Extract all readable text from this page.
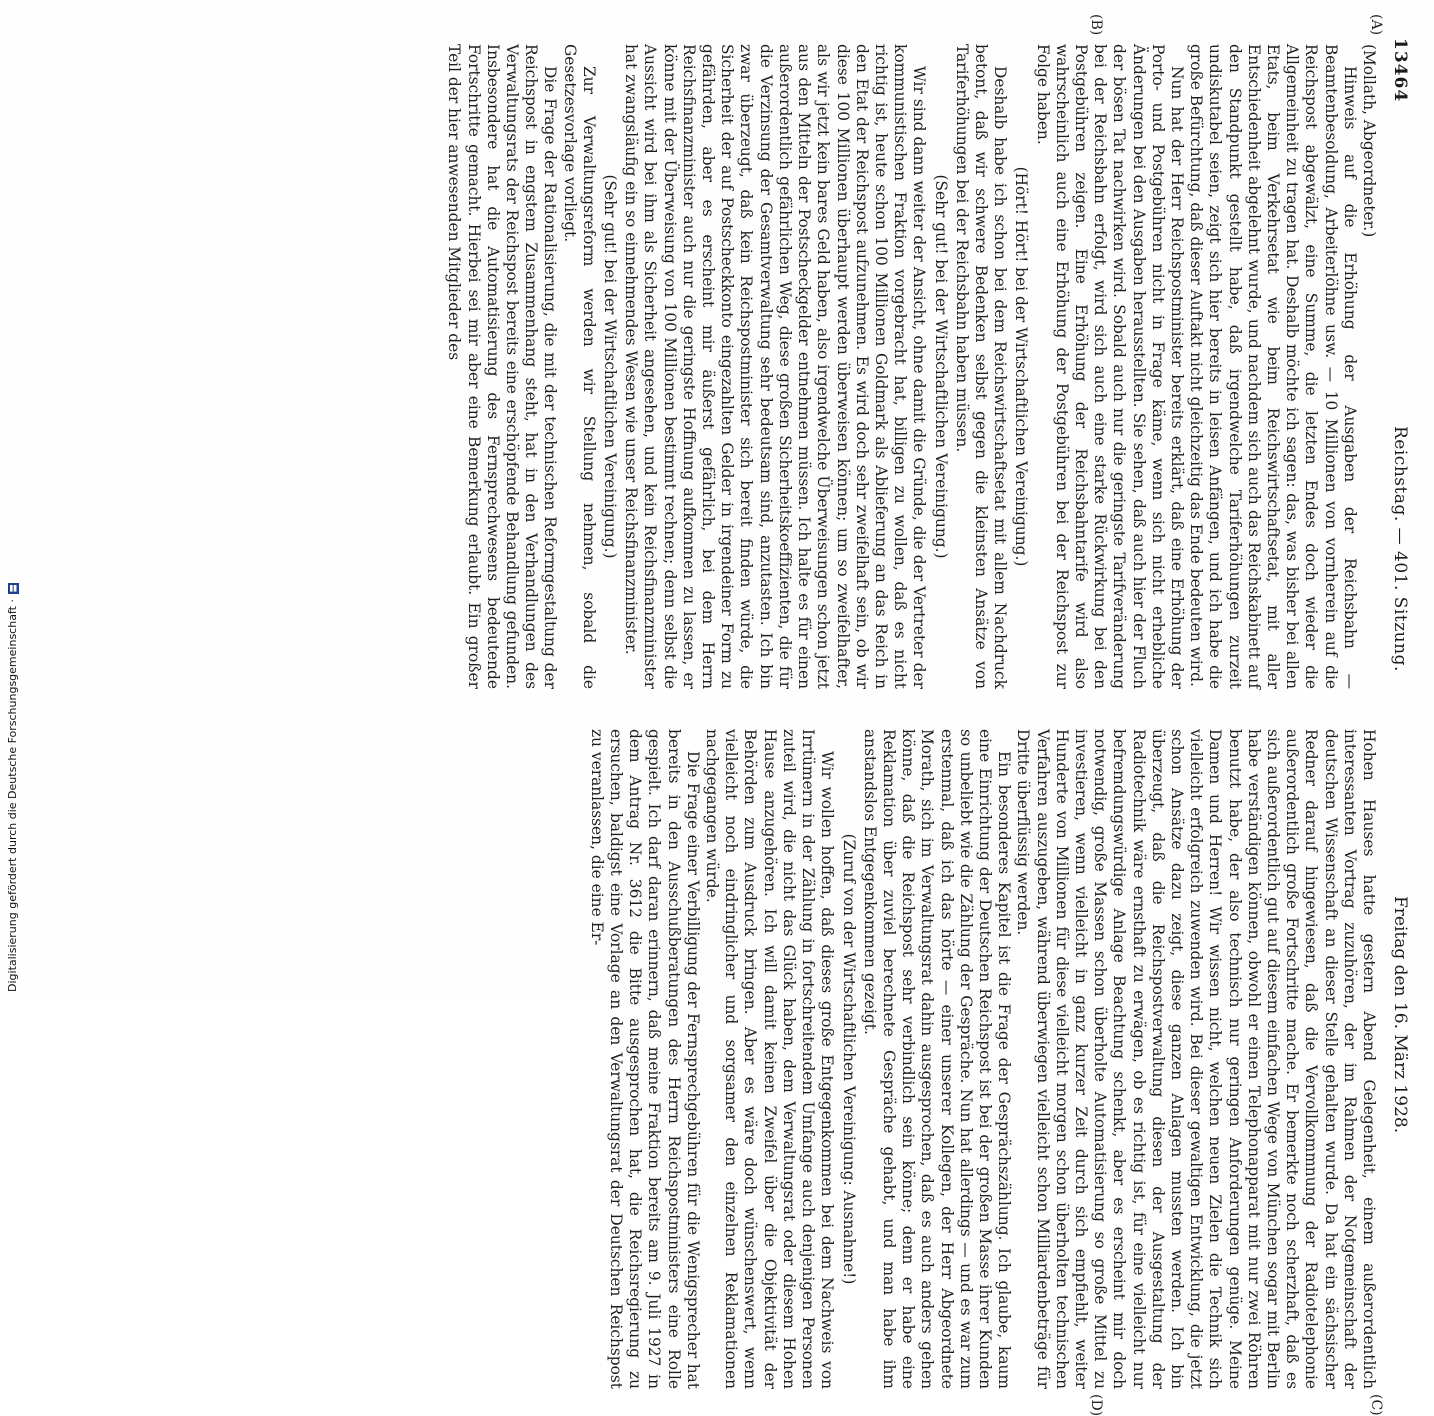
13464
Reichstag. — 401. Sitzung.
Freitag den 16. März 1928.
(A)
(B)
(C)
(D)

(Mollath, Abgeordneter.)

Hinweis auf die Erhöhung der Ausgaben der Reichsbahn — Beamtenbesoldung, Arbeiterlöhne usw. — 10 Millionen von vornherein auf die Reichspost abgewälzt, eine Summe, die letzten Endes doch wieder die Allgemeinheit zu tragen hat. Deshalb möchte ich sagen: das, was bisher bei allen Etats, beim Verkehrsetat wie beim Reichswirtschaftsetat, mit aller Entschiedenheit abgelehnt wurde, und nachdem sich auch das Reichskabinett auf den Standpunkt gestellt habe, daß irgendwelche Tariferhöhungen zurzeit undiskutabel seien, zeigt sich hier bereits in leisen Anfängen, und ich habe die große Befürchtung, daß dieser Auftakt nicht gleichzeitig das Ende bedeuten wird.

Nun hat der Herr Reichspostminister bereits erklärt, daß eine Erhöhung der Porto- und Postgebühren nicht in Frage käme, wenn sich nicht erhebliche Änderungen bei den Ausgaben herausstellten. Sie sehen, daß auch hier der Fluch der bösen Tat nachwirken wird. Sobald auch nur die geringste Tarifveränderung bei der Reichsbahn erfolgt, wird sich auch eine starke Rückwirkung bei den Postgebühren zeigen. Eine Erhöhung der Reichsbahntarife wird also wahrscheinlich auch eine Erhöhung der Postgebühren bei der Reichspost zur Folge haben.

(Hört! Hört! bei der Wirtschaftlichen Vereinigung.)

Deshalb habe ich schon bei dem Reichswirtschaftsetat mit allem Nachdruck betont, daß wir schwere Bedenken selbst gegen die kleinsten Ansätze von Tariferhöhungen bei der Reichsbahn haben müssen.

(Sehr gut! bei der Wirtschaftlichen Vereinigung.)

Wir sind dann weiter der Ansicht, ohne damit die Gründe, die der Vertreter der kommunistischen Fraktion vorgebracht hat, billigen zu wollen, daß es nicht richtig ist, heute schon 100 Millionen Goldmark als Ablieferung an das Reich in den Etat der Reichspost aufzunehmen. Es wird doch sehr zweifelhaft sein, ob wir diese 100 Millionen überhaupt werden überweisen können; um so zweifelhafter, als wir jetzt kein bares Geld haben, also irgendwelche Überweisungen schon jetzt aus den Mitteln der Postscheckgelder entnehmen müssen. Ich halte es für einen außerordentlich gefährlichen Weg, diese großen Sicherheitskoeffizienten, die für die Verzinsung der Gesamtverwaltung sehr bedeutsam sind, anzutasten. Ich bin zwar überzeugt, daß kein Reichspostminister sich bereit finden würde, die Sicherheit der auf Postscheckkonto eingezahlten Gelder in irgendeiner Form zu gefährden, aber es erscheint mir äußerst gefährlich, bei dem Herrn Reichsfinanzminister auch nur die geringste Hoffnung aufkommen zu lassen, er könne mit der Überweisung von 100 Millionen bestimmt rechnen; denn selbst die Aussicht wird bei ihm als Sicherheit angesehen, und kein Reichsfinanzminister hat zwangsläufig ein so einnehmendes Wesen wie unser Reichsfinanzminister.

(Sehr gut! bei der Wirtschaftlichen Vereinigung.)

Zur Verwaltungsreform werden wir Stellung nehmen, sobald die Gesetzesvorlage vorliegt.

Die Frage der Rationalisierung, die mit der technischen Reformgestaltung der Reichspost in engstem Zusammenhang steht, hat in den Verhandlungen des Verwaltungsrats der Reichspost bereits eine erschöpfende Behandlung gefunden. Insbesondere hat die Automatisierung des Fernsprechwesens bedeutende Fortschritte gemacht. Hierbei sei mir aber eine Bemerkung erlaubt. Ein großer Teil der hier anwesenden Mitglieder des

Hohen Hauses hatte gestern Abend Gelegenheit, einem außerordentlich interessanten Vortrag zuzuhören, der im Rahmen der Notgemeinschaft der deutschen Wissenschaft an dieser Stelle gehalten wurde. Da hat ein sächsischer Redner darauf hingewiesen, daß die Vervollkommnung der Radiotelephonie außerordentlich große Fortschritte mache. Er bemerkte noch scherzhaft, daß es sich außerordentlich gut auf diesem einfachen Wege von München sogar mit Berlin habe verständigen können, obwohl er einen Telephonapparat mit nur zwei Röhren benutzt habe, der also technisch nur geringen Anforderungen genüge. Meine Damen und Herren! Wir wissen nicht, welchen neuen Zielen die Technik sich vielleicht erfolgreich zuwenden wird. Bei dieser gewaltigen Entwicklung, die jetzt schon Ansätze dazu zeigt, diese ganzen Anlagen mussten werden. Ich bin überzeugt, daß die Reichspostverwaltung diesen der Ausgestaltung der Radiotechnik wäre ernsthaft zu erwägen, ob es richtig ist, für eine vielleicht nur befremdungswürdige Anlage Beachtung schenkt, aber es erscheint mir doch notwendig, große Massen schon überholte Automatisierung so große Mittel zu investieren, wenn vielleicht in ganz kurzer Zeit durch sich empfiehlt, weiter Hunderte von Millionen für diese vielleicht morgen schon überholten technischen Verfahren auszugeben, während überwiegen vielleicht schon Milliardenbeträge für Dritte überflüssig werden.

Ein besonderes Kapitel ist die Frage der Gesprächszählung. Ich glaube, kaum eine Einrichtung der Deutschen Reichspost ist bei der großen Masse ihrer Kunden so unbeliebt wie die Zählung der Gespräche. Nun hat allerdings — und es war zum erstenmal, daß ich das hörte — einer unserer Kollegen, der Herr Abgeordnete Morath, sich im Verwaltungsrat dahin ausgesprochen, daß es auch anders gehen könne, daß die Reichspost sehr verbindlich sein könne; denn er habe eine Reklamation über zuviel berechnete Gespräche gehabt, und man habe ihm anstandslos Entgegenkommen gezeigt.

(Zuruf von der Wirtschaftlichen Vereinigung: Ausnahme!)

Wir wollen hoffen, daß dieses große Entgegenkommen bei dem Nachweis von Irrtümern in der Zählung in fortschreitendem Umfange auch denjenigen Personen zuteil wird, die nicht das Glück haben, dem Verwaltungsrat oder diesem Hohen Hause anzugehören. Ich will damit keinen Zweifel über die Objektivität der Behörden zum Ausdruck bringen. Aber es wäre doch wünschenswert, wenn vielleicht noch eindringlicher und sorgsamer den einzelnen Reklamationen nachgegangen würde.

Die Frage einer Verbilligung der Fernsprechgebühren für die Wenigsprecher hat bereits in den Ausschußberatungen des Herrn Reichspostministers eine Rolle gespielt. Ich darf daran erinnern, daß meine Fraktion bereits am 9. Juli 1927 in dem Antrag Nr. 3612 die Bitte ausgesprochen hat, die Reichsregierung zu ersuchen, baldigst eine Vorlage an den Verwaltungsrat der Deutschen Reichspost zu veranlassen, die eine Er-

Digitalisierung gefördert durch die Deutsche Forschungsgemeinschaft ·
